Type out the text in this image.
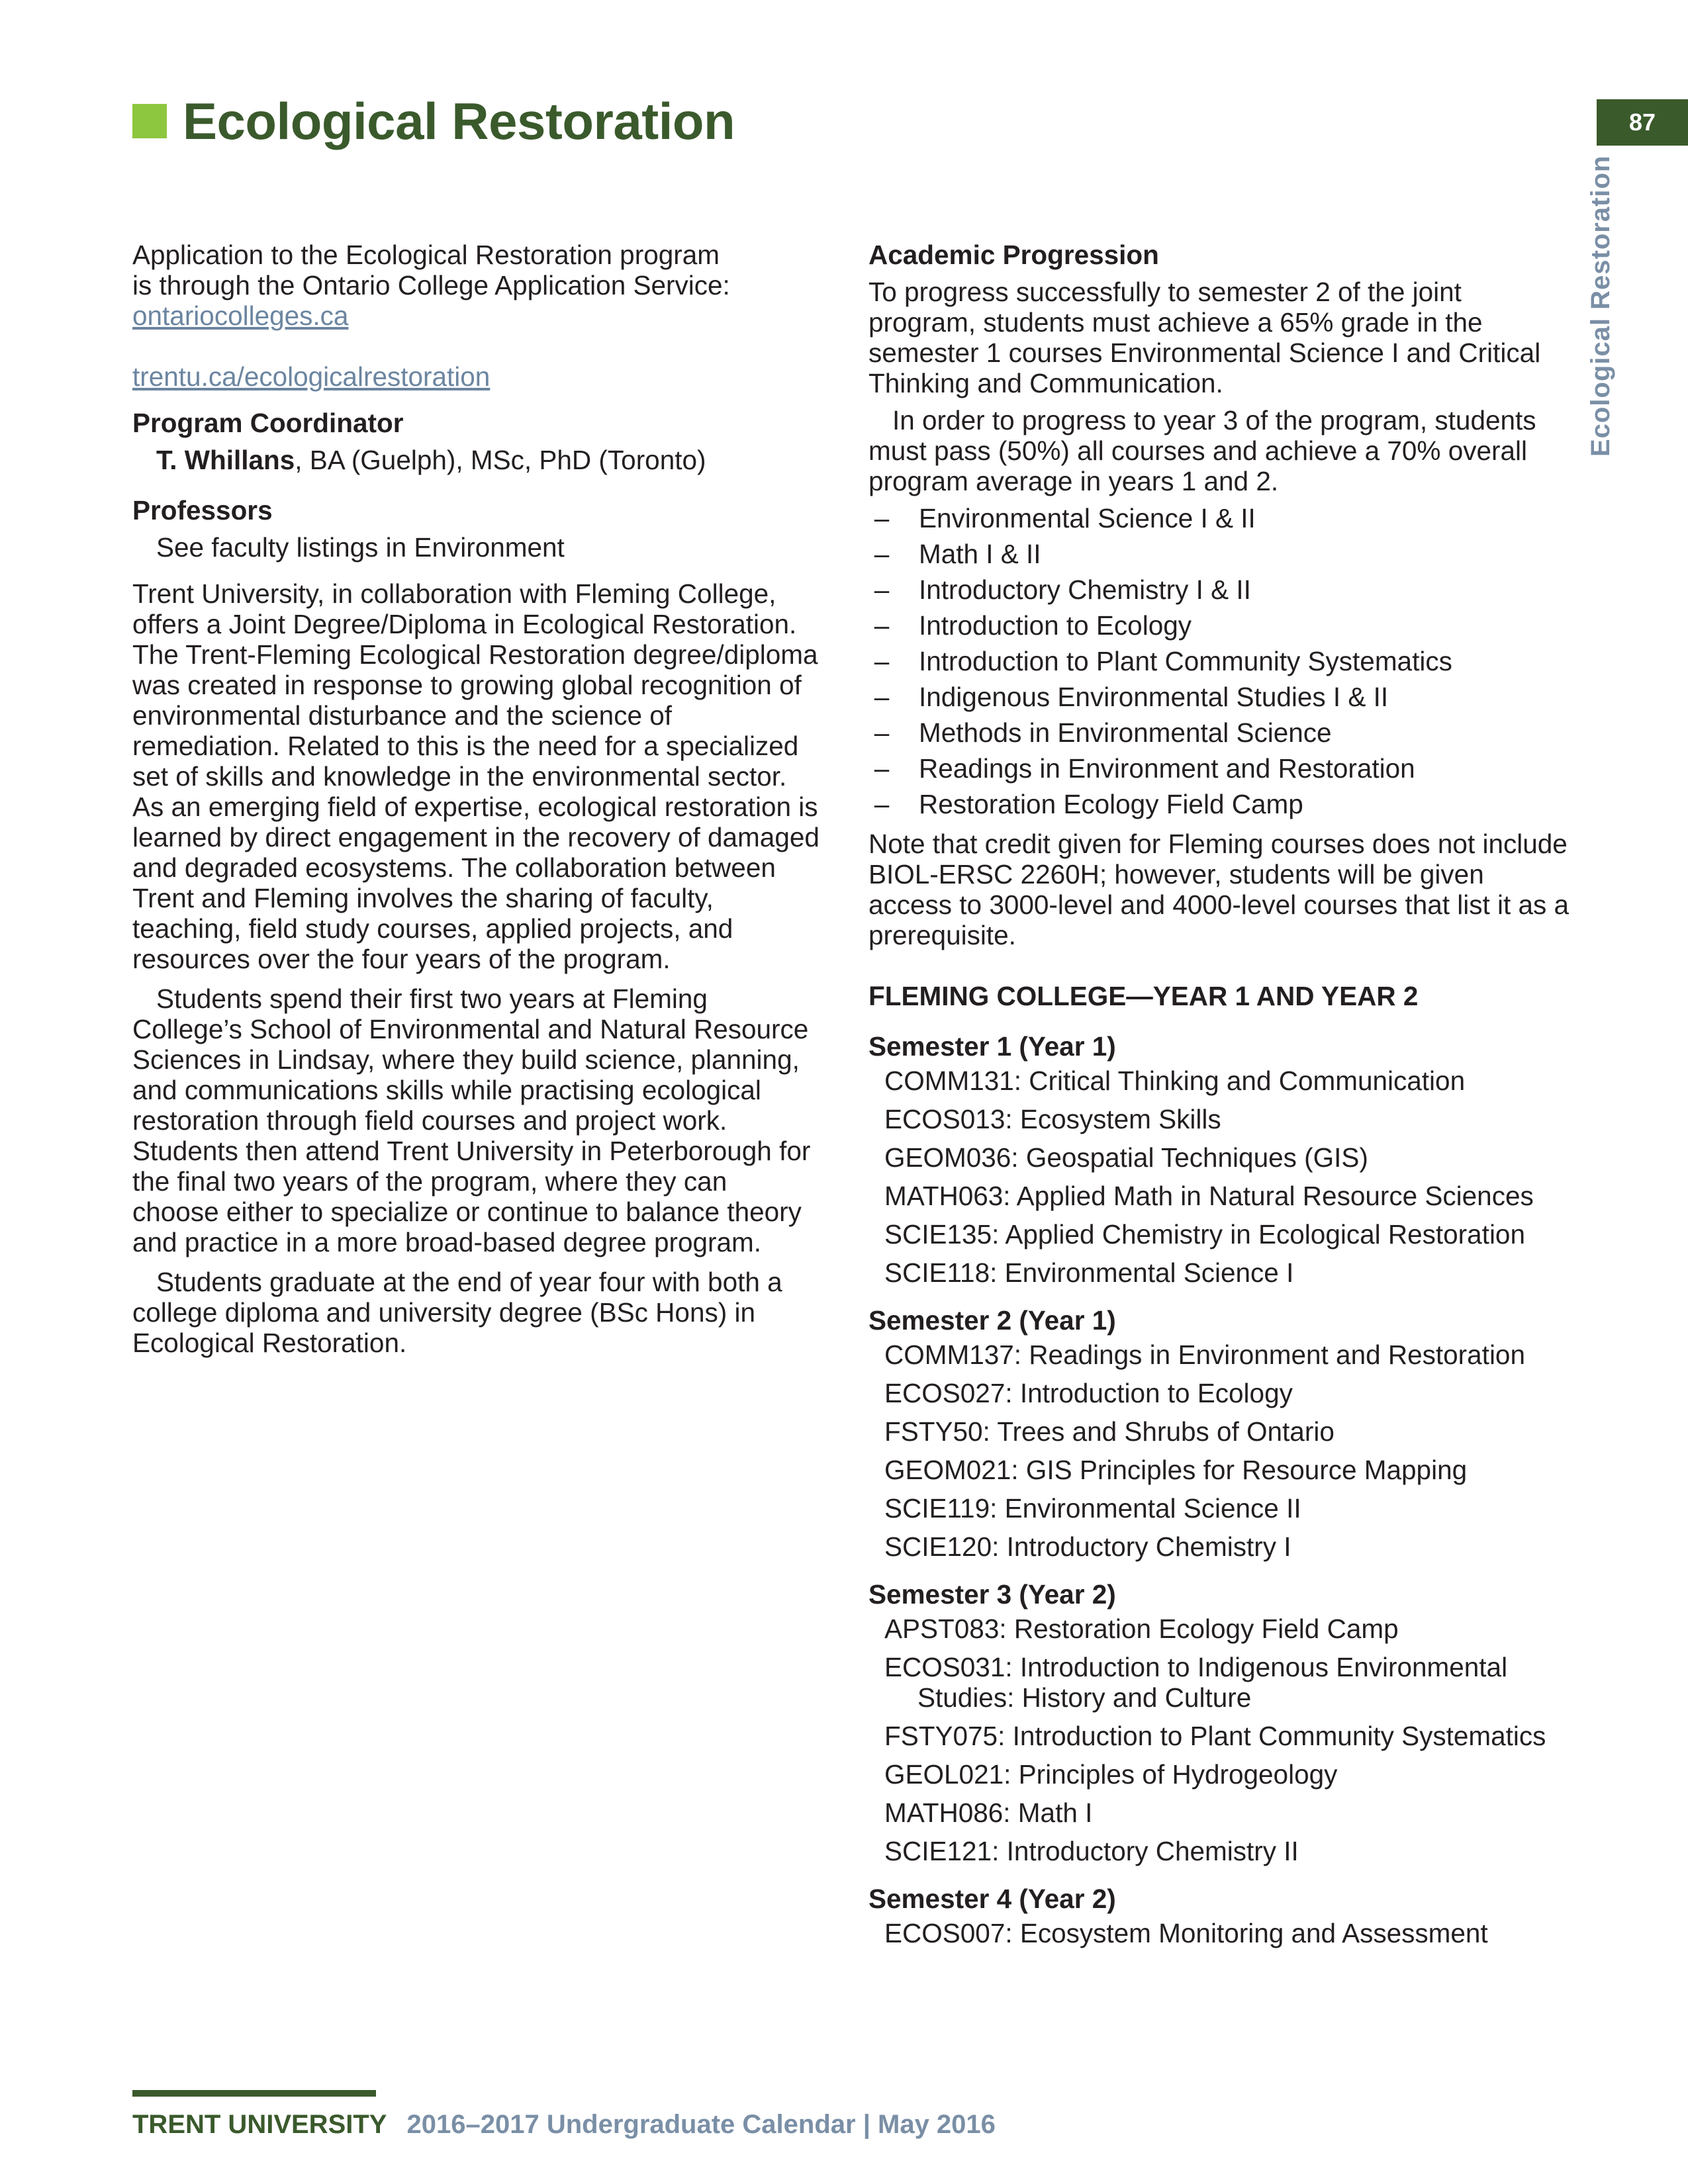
Ecological Restoration	87
Ecological Restoration

Application to the Ecological Restoration program

is through the Ontario College Application Service:

ontariocolleges.ca

trentu.ca/ecologicalrestoration

Program Coordinator

T. Whillans, BA (Guelph), MSc, PhD (Toronto)

Professors

See faculty listings in Environment

Trent University, in collaboration with Fleming College, offers a Joint Degree/Diploma in Ecological Restoration. The Trent-Fleming Ecological Restoration degree/diploma was created in response to growing global recognition of environmental disturbance and the science of remediation. Related to this is the need for a specialized set of skills and knowledge in the environmental sector. As an emerging field of expertise, ecological restoration is learned by direct engagement in the recovery of damaged and degraded ecosystems. The collaboration between Trent and Fleming involves the sharing of faculty, teaching, field study courses, applied projects, and resources over the four years of the program.

Students spend their first two years at Fleming College’s School of Environmental and Natural Resource Sciences in Lindsay, where they build science, planning, and communications skills while practising ecological restoration through field courses and project work. Students then attend Trent University in Peterborough for the final two years of the program, where they can choose either to specialize or continue to balance theory and practice in a more broad-based degree program.

Students graduate at the end of year four with both a college diploma and university degree (BSc Hons) in Ecological Restoration.

Academic Progression

To progress successfully to semester 2 of the joint program, students must achieve a 65% grade in the semester 1 courses Environmental Science I and Critical Thinking and Communication.

In order to progress to year 3 of the program, students must pass (50%) all courses and achieve a 70% overall program average in years 1 and 2.

– Environmental Science I & II
– Math I & II
– Introductory Chemistry I & II
– Introduction to Ecology
– Introduction to Plant Community Systematics
– Indigenous Environmental Studies I & II
– Methods in Environmental Science
– Readings in Environment and Restoration
– Restoration Ecology Field Camp

Note that credit given for Fleming courses does not include BIOL-ERSC 2260H; however, students will be given access to 3000-level and 4000-level courses that list it as a prerequisite.

FLEMING COLLEGE—YEAR 1 AND YEAR 2

Semester 1 (Year 1)

COMM131: Critical Thinking and Communication
ECOS013: Ecosystem Skills
GEOM036: Geospatial Techniques (GIS)
MATH063: Applied Math in Natural Resource Sciences
SCIE135: Applied Chemistry in Ecological Restoration
SCIE118: Environmental Science I

Semester 2 (Year 1)

COMM137: Readings in Environment and Restoration
ECOS027: Introduction to Ecology
FSTY50: Trees and Shrubs of Ontario
GEOM021: GIS Principles for Resource Mapping
SCIE119: Environmental Science II
SCIE120: Introductory Chemistry I

Semester 3 (Year 2)

APST083: Restoration Ecology Field Camp
ECOS031: Introduction to Indigenous Environmental
Studies: History and Culture
FSTY075: Introduction to Plant Community Systematics
GEOL021: Principles of Hydrogeology
MATH086: Math I
SCIE121: Introductory Chemistry II

Semester 4 (Year 2)

ECOS007: Ecosystem Monitoring and Assessment
TRENT UNIVERSITY 2016–2017 Undergraduate Calendar | May 2016
